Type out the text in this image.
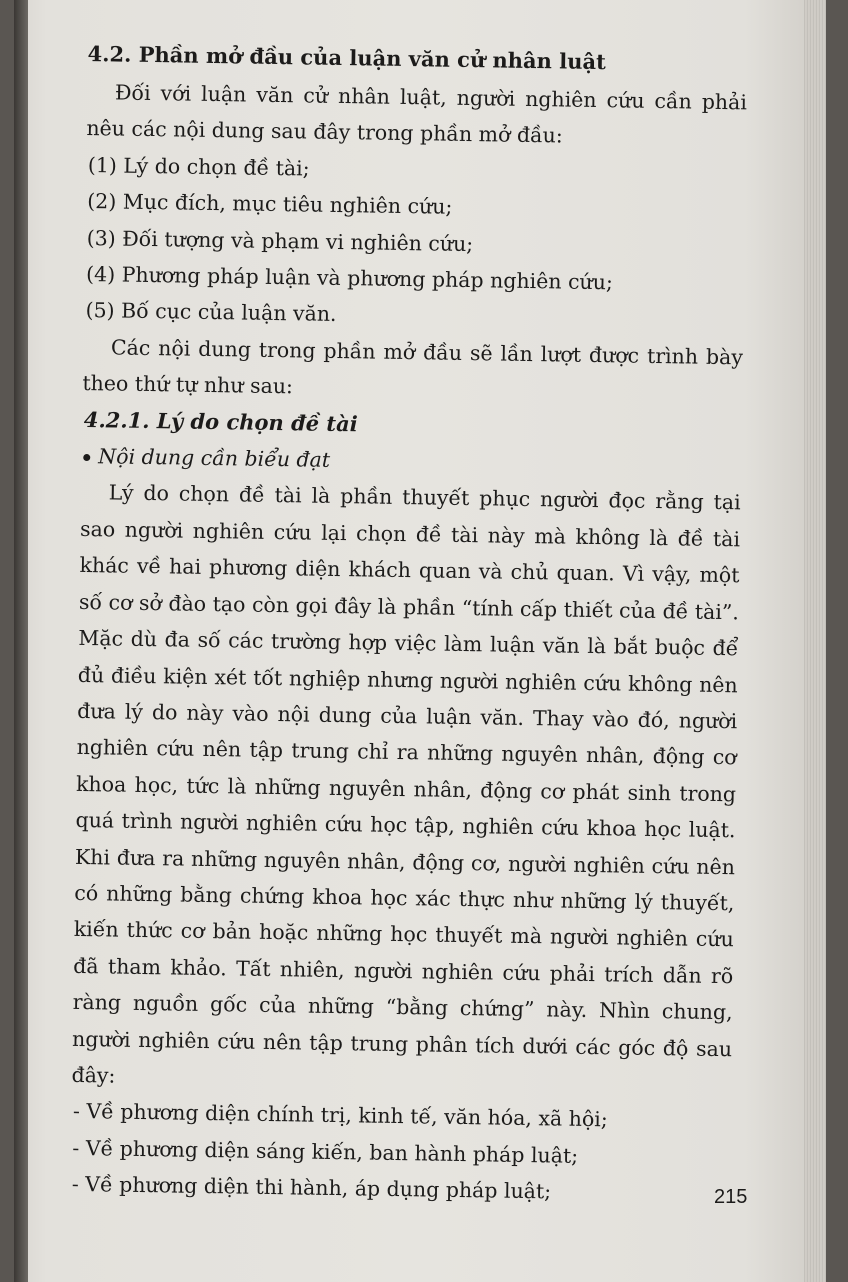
4.2. Phần mở đầu của luận văn cử nhân luật

Đối với luận văn cử nhân luật, người nghiên cứu cần phải nêu các nội dung sau đây trong phần mở đầu:

(1) Lý do chọn đề tài;

(2) Mục đích, mục tiêu nghiên cứu;

(3) Đối tượng và phạm vi nghiên cứu;

(4) Phương pháp luận và phương pháp nghiên cứu;

(5) Bố cục của luận văn.

Các nội dung trong phần mở đầu sẽ lần lượt được trình bày theo thứ tự như sau:

4.2.1. Lý do chọn đề tài

Nội dung cần biểu đạt

Lý do chọn đề tài là phần thuyết phục người đọc rằng tại sao người nghiên cứu lại chọn đề tài này mà không là đề tài khác về hai phương diện khách quan và chủ quan. Vì vậy, một số cơ sở đào tạo còn gọi đây là phần “tính cấp thiết của đề tài”. Mặc dù đa số các trường hợp việc làm luận văn là bắt buộc để đủ điều kiện xét tốt nghiệp nhưng người nghiên cứu không nên đưa lý do này vào nội dung của luận văn. Thay vào đó, người nghiên cứu nên tập trung chỉ ra những nguyên nhân, động cơ khoa học, tức là những nguyên nhân, động cơ phát sinh trong quá trình người nghiên cứu học tập, nghiên cứu khoa học luật. Khi đưa ra những nguyên nhân, động cơ, người nghiên cứu nên có những bằng chứng khoa học xác thực như những lý thuyết, kiến thức cơ bản hoặc những học thuyết mà người nghiên cứu đã tham khảo. Tất nhiên, người nghiên cứu phải trích dẫn rõ ràng nguồn gốc của những “bằng chứng” này. Nhìn chung, người nghiên cứu nên tập trung phân tích dưới các góc độ sau đây:

- Về phương diện chính trị, kinh tế, văn hóa, xã hội;

- Về phương diện sáng kiến, ban hành pháp luật;

- Về phương diện thi hành, áp dụng pháp luật;	215
